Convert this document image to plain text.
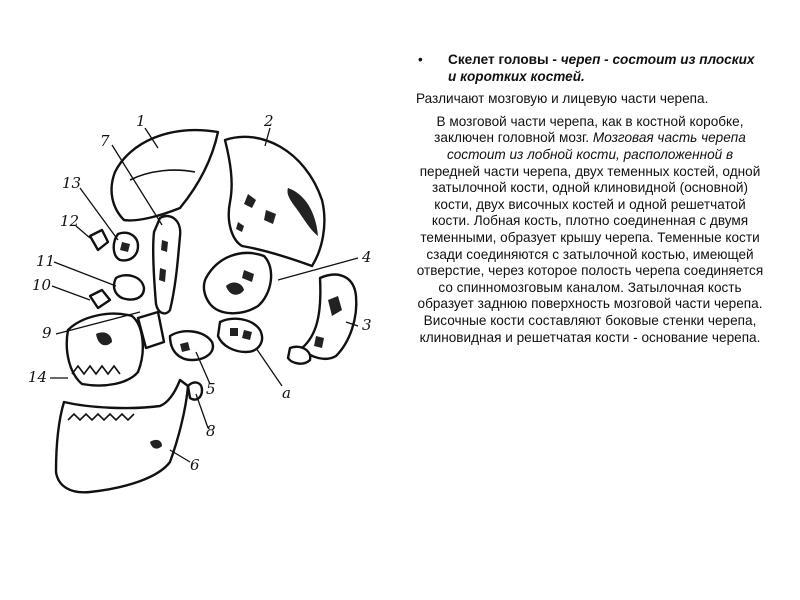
1	2
3
4
5
6
7
8
9
10
11
12
13
14
a
•	Скелет головы - череп - состоит из плоских и коротких костей.
Различают мозговую и лицевую части черепа.
В мозговой части черепа, как в костной коробке, заключен головной мозг. Мозговая часть черепа состоит из лобной кости, расположенной в передней части черепа, двух теменных костей, одной затылочной кости, одной клиновидной (основной) кости, двух височных костей и одной решетчатой кости. Лобная кость, плотно соединенная с двумя теменными, образует крышу черепа. Теменные кости сзади соединяются с затылочной костью, имеющей отверстие, через которое полость черепа соединяется со спинномозговым каналом. Затылочная кость образует заднюю поверхность мозговой части черепа. Височные кости составляют боковые стенки черепа, клиновидная и решетчатая кости - основание черепа.
